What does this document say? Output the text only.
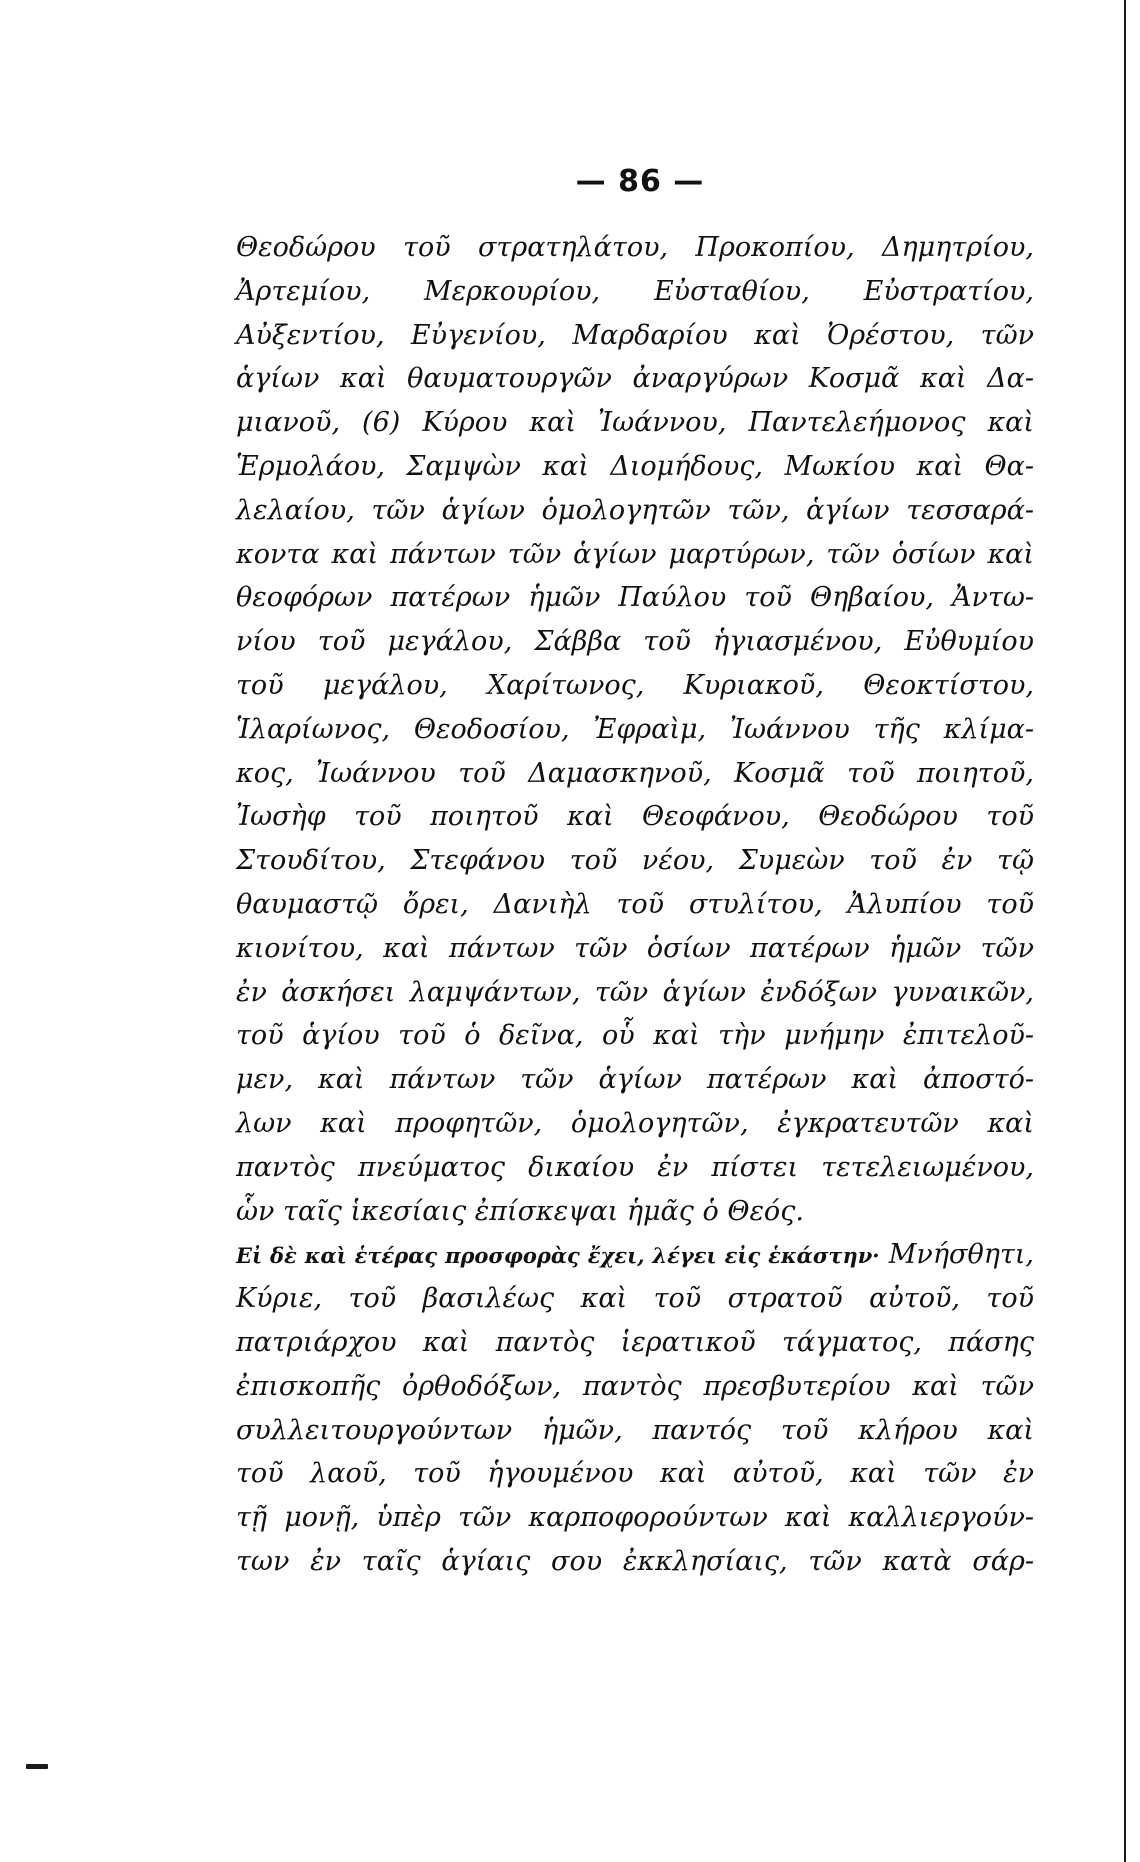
— 86 —
Θεοδώρου τοῦ στρατηλάτου, Προκοπίου, Δημητρίου,
Ἀρτεμίου, Μερκουρίου, Εὐσταθίου, Εὐστρατίου,
Αὐξεντίου, Εὐγενίου, Μαρδαρίου καὶ Ὀρέστου, τῶν
ἁγίων καὶ θαυματουργῶν ἀναργύρων Κοσμᾶ καὶ Δα-
μιανοῦ, (6) Κύρου καὶ Ἰωάννου, Παντελεήμονος καὶ
Ἑρμολάου, Σαμψὼν καὶ Διομήδους, Μωκίου καὶ Θα-
λελαίου, τῶν ἁγίων ὁμολογητῶν τῶν, ἁγίων τεσσαρά-
κοντα καὶ πάντων τῶν ἁγίων μαρτύρων, τῶν ὁσίων καὶ
θεοφόρων πατέρων ἡμῶν Παύλου τοῦ Θηβαίου, Ἀντω-
νίου τοῦ μεγάλου, Σάββα τοῦ ἡγιασμένου, Εὐθυμίου
τοῦ μεγάλου, Χαρίτωνος, Κυριακοῦ, Θεοκτίστου,
Ἱλαρίωνος, Θεοδοσίου, Ἐφραὶμ, Ἰωάννου τῆς κλίμα-
κος, Ἰωάννου τοῦ Δαμασκηνοῦ, Κοσμᾶ τοῦ ποιητοῦ,
Ἰωσὴφ τοῦ ποιητοῦ καὶ Θεοφάνου, Θεοδώρου τοῦ
Στουδίτου, Στεφάνου τοῦ νέου, Συμεὼν τοῦ ἐν τῷ
θαυμαστῷ ὄρει, Δανιὴλ τοῦ στυλίτου, Ἀλυπίου τοῦ
κιονίτου, καὶ πάντων τῶν ὁσίων πατέρων ἡμῶν τῶν
ἐν ἀσκήσει λαμψάντων, τῶν ἁγίων ἐνδόξων γυναικῶν,
τοῦ ἁγίου τοῦ ὁ δεῖνα, οὗ καὶ τὴν μνήμην ἐπιτελοῦ-
μεν, καὶ πάντων τῶν ἁγίων πατέρων καὶ ἀποστό-
λων καὶ προφητῶν, ὁμολογητῶν, ἐγκρατευτῶν καὶ
παντὸς πνεύματος δικαίου ἐν πίστει τετελειωμένου,
ὧν ταῖς ἱκεσίαις ἐπίσκεψαι ἡμᾶς ὁ Θεός.
Εἰ δὲ καὶ ἑτέρας προσφορὰς ἔχει, λέγει εἰς ἑκάστην· Μνήσθητι,
Κύριε, τοῦ βασιλέως καὶ τοῦ στρατοῦ αὐτοῦ, τοῦ
πατριάρχου καὶ παντὸς ἱερατικοῦ τάγματος, πάσης
ἐπισκοπῆς ὀρθοδόξων, παντὸς πρεσβυτερίου καὶ τῶν
συλλειτουργούντων ἡμῶν, παντός τοῦ κλήρου καὶ
τοῦ λαοῦ, τοῦ ἡγουμένου καὶ αὐτοῦ, καὶ τῶν ἐν
τῇ μονῇ, ὑπὲρ τῶν καρποφορούντων καὶ καλλιεργούν-
των ἐν ταῖς ἁγίαις σου ἐκκλησίαις, τῶν κατὰ σάρ-
